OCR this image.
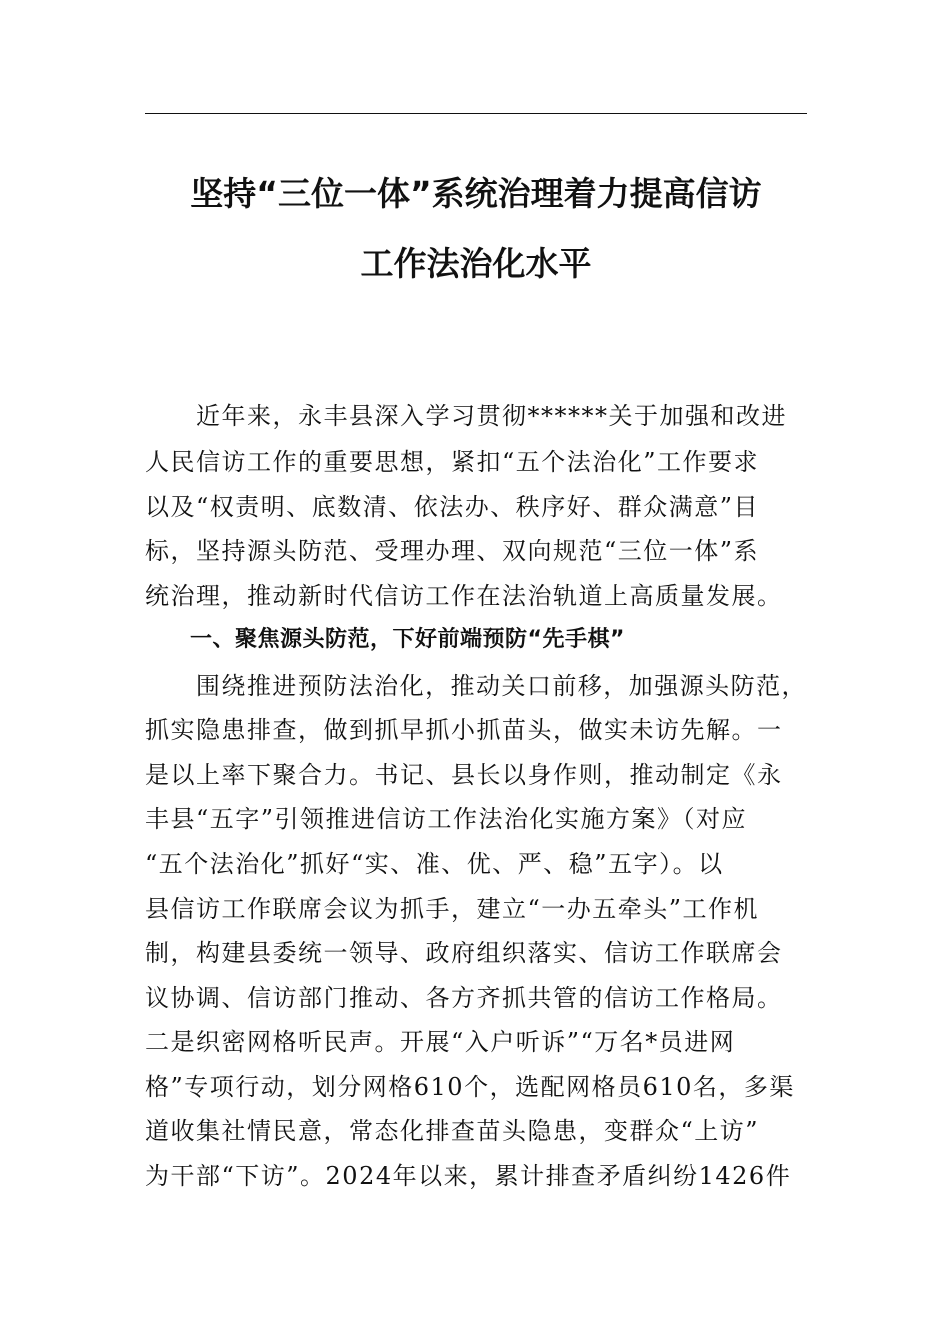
坚持“三位一体”系统治理着力提高信访
工作法治化水平
　　近年来，永丰县深入学习贯彻******关于加强和改进
人民信访工作的重要思想，紧扣“五个法治化”工作要求
以及“权责明、底数清、依法办、秩序好、群众满意”目
标，坚持源头防范、受理办理、双向规范“三位一体”系
统治理，推动新时代信访工作在法治轨道上高质量发展。
　　一、聚焦源头防范，下好前端预防“先手棋”
　　围绕推进预防法治化，推动关口前移，加强源头防范，
抓实隐患排查，做到抓早抓小抓苗头，做实未访先解。一
是以上率下聚合力。书记、县长以身作则，推动制定《永
丰县“五字”引领推进信访工作法治化实施方案》（对应
“五个法治化”抓好“实、准、优、严、稳”五字）。以
县信访工作联席会议为抓手，建立“一办五牵头”工作机
制，构建县委统一领导、政府组织落实、信访工作联席会
议协调、信访部门推动、各方齐抓共管的信访工作格局。
二是织密网格听民声。开展“入户听诉”“万名*员进网
格”专项行动，划分网格610个，选配网格员610名，多渠
道收集社情民意，常态化排查苗头隐患，变群众“上访”
为干部“下访”。2024年以来，累计排查矛盾纠纷1426件
